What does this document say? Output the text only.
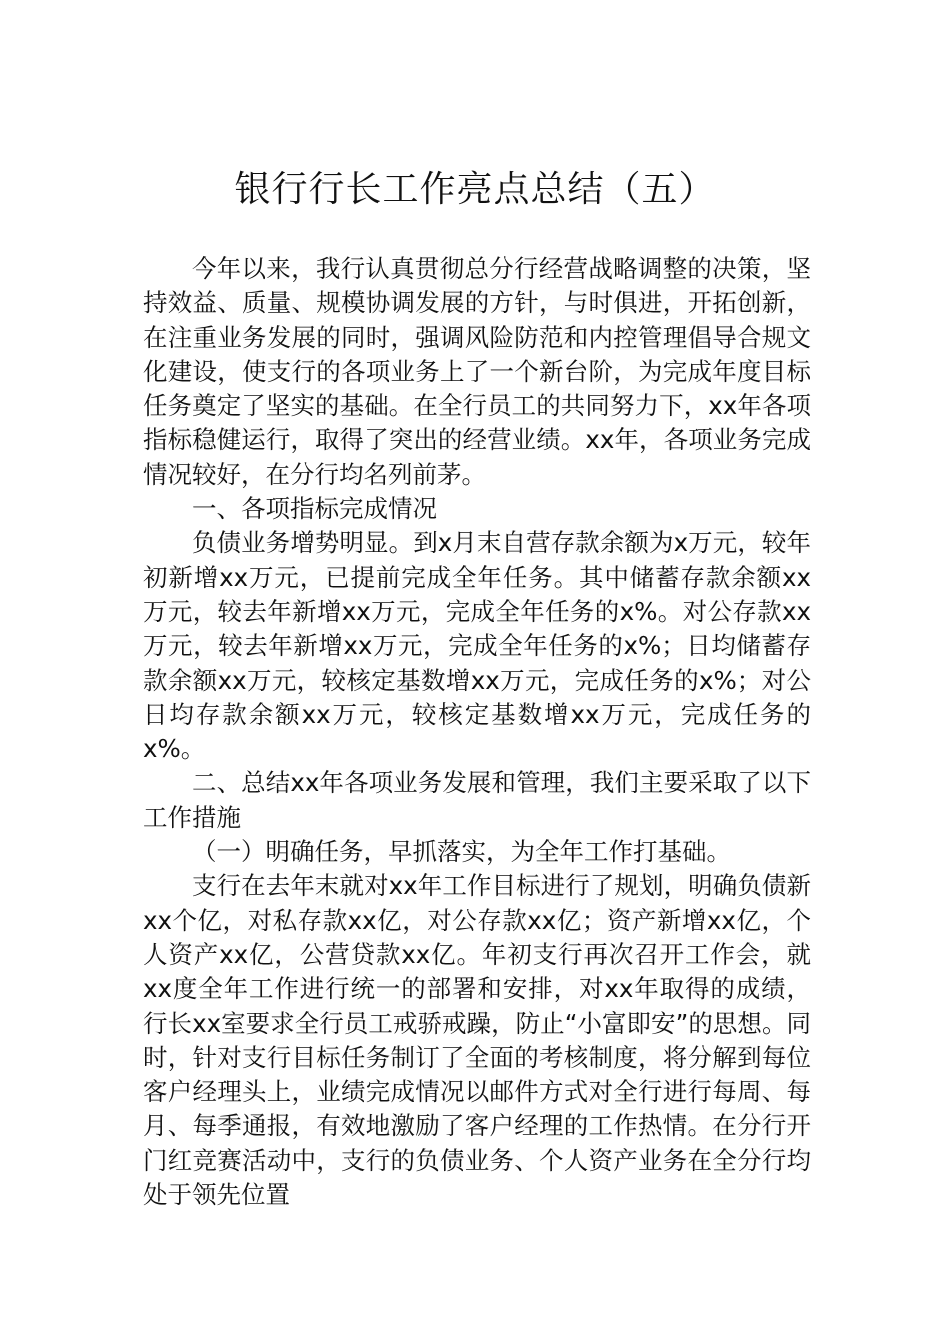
银行行长工作亮点总结（五）

今年以来，我行认真贯彻总分行经营战略调整的决策，坚持效益、质量、规模协调发展的方针，与时俱进，开拓创新，在注重业务发展的同时，强调风险防范和内控管理倡导合规文化建设，使支行的各项业务上了一个新台阶，为完成年度目标任务奠定了坚实的基础。在全行员工的共同努力下，xx年各项指标稳健运行，取得了突出的经营业绩。xx年，各项业务完成情况较好，在分行均名列前茅。

一、各项指标完成情况

负债业务增势明显。到x月末自营存款余额为x万元，较年初新增xx万元，已提前完成全年任务。其中储蓄存款余额xx万元，较去年新增xx万元，完成全年任务的x%。对公存款xx万元，较去年新增xx万元，完成全年任务的x%；日均储蓄存款余额xx万元，较核定基数增xx万元，完成任务的x%；对公日均存款余额xx万元，较核定基数增xx万元，完成任务的x%。

二、总结xx年各项业务发展和管理，我们主要采取了以下工作措施

（一）明确任务，早抓落实，为全年工作打基础。

支行在去年末就对xx年工作目标进行了规划，明确负债新xx个亿，对私存款xx亿，对公存款xx亿；资产新增xx亿，个人资产xx亿，公营贷款xx亿。年初支行再次召开工作会，就xx度全年工作进行统一的部署和安排，对xx年取得的成绩，行长xx室要求全行员工戒骄戒躁，防止“小富即安”的思想。同时，针对支行目标任务制订了全面的考核制度，将分解到每位客户经理头上，业绩完成情况以邮件方式对全行进行每周、每月、每季通报，有效地激励了客户经理的工作热情。在分行开门红竞赛活动中，支行的负债业务、个人资产业务在全分行均处于领先位置
